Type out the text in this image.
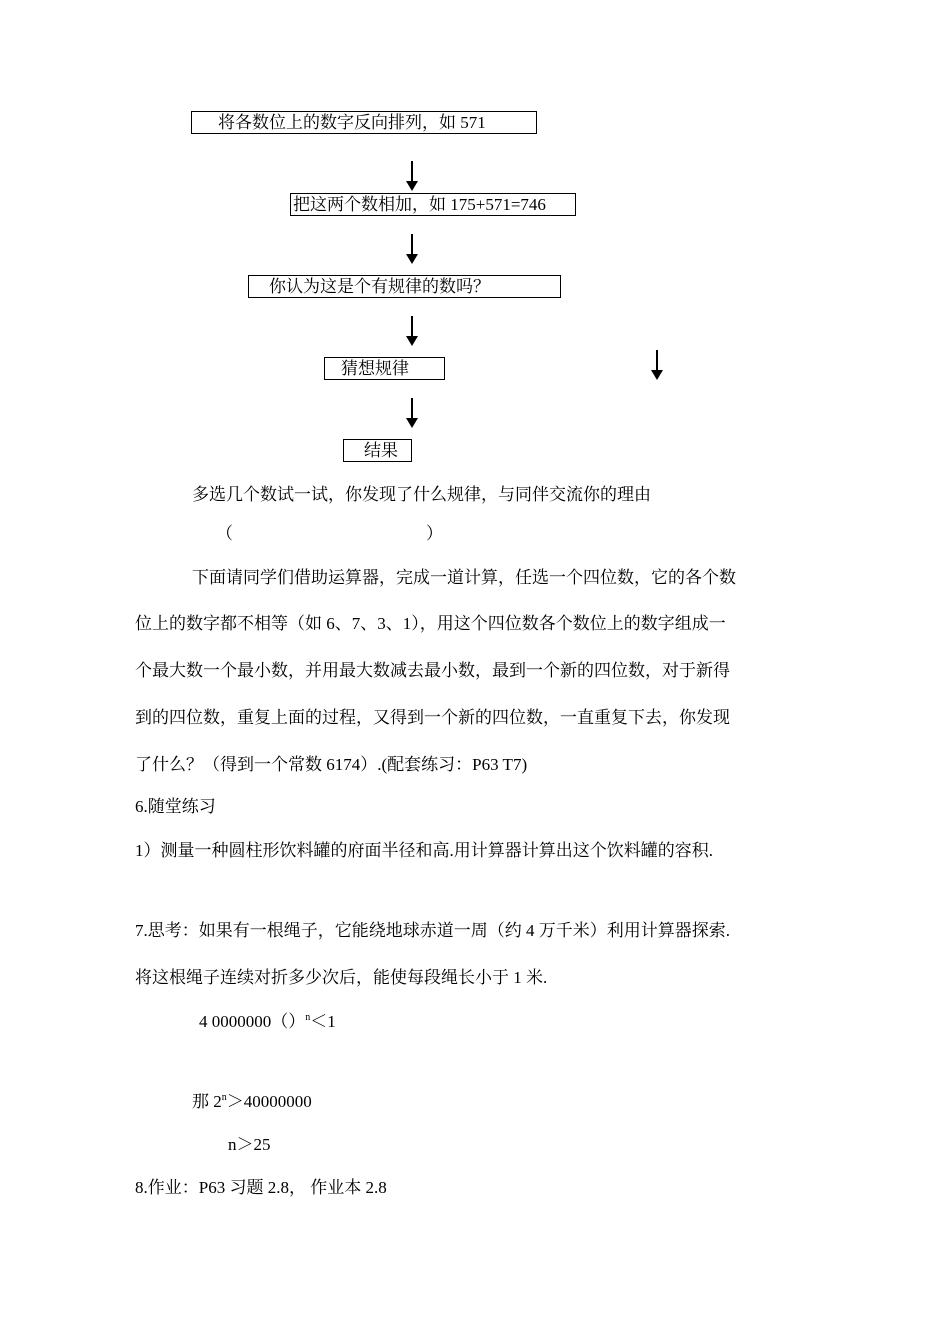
将各数位上的数字反向排列，如 571
把这两个数相加，如 175+571=746
你认为这是个有规律的数吗？
猜想规律
结果
多选几个数试一试，你发现了什么规律，与同伴交流你的理由
（	）
下面请同学们借助运算器，完成一道计算，任选一个四位数，它的各个数
位上的数字都不相等（如 6、7、3、1），用这个四位数各个数位上的数字组成一
个最大数一个最小数，并用最大数减去最小数，最到一个新的四位数，对于新得
到的四位数，重复上面的过程，又得到一个新的四位数，一直重复下去，你发现
了什么？（得到一个常数 6174）.(配套练习：P63 T7)
6.随堂练习
1）测量一种圆柱形饮料罐的府面半径和高.用计算器计算出这个饮料罐的容积.
7.思考：如果有一根绳子，它能绕地球赤道一周（约 4 万千米）利用计算器探索.
将这根绳子连续对折多少次后，能使每段绳长小于 1 米.
4 0000000（）$^n$＜1
那 $2^n>40000000$
n＞25
8.作业：P63 习题 2.8， 作业本 2.8
